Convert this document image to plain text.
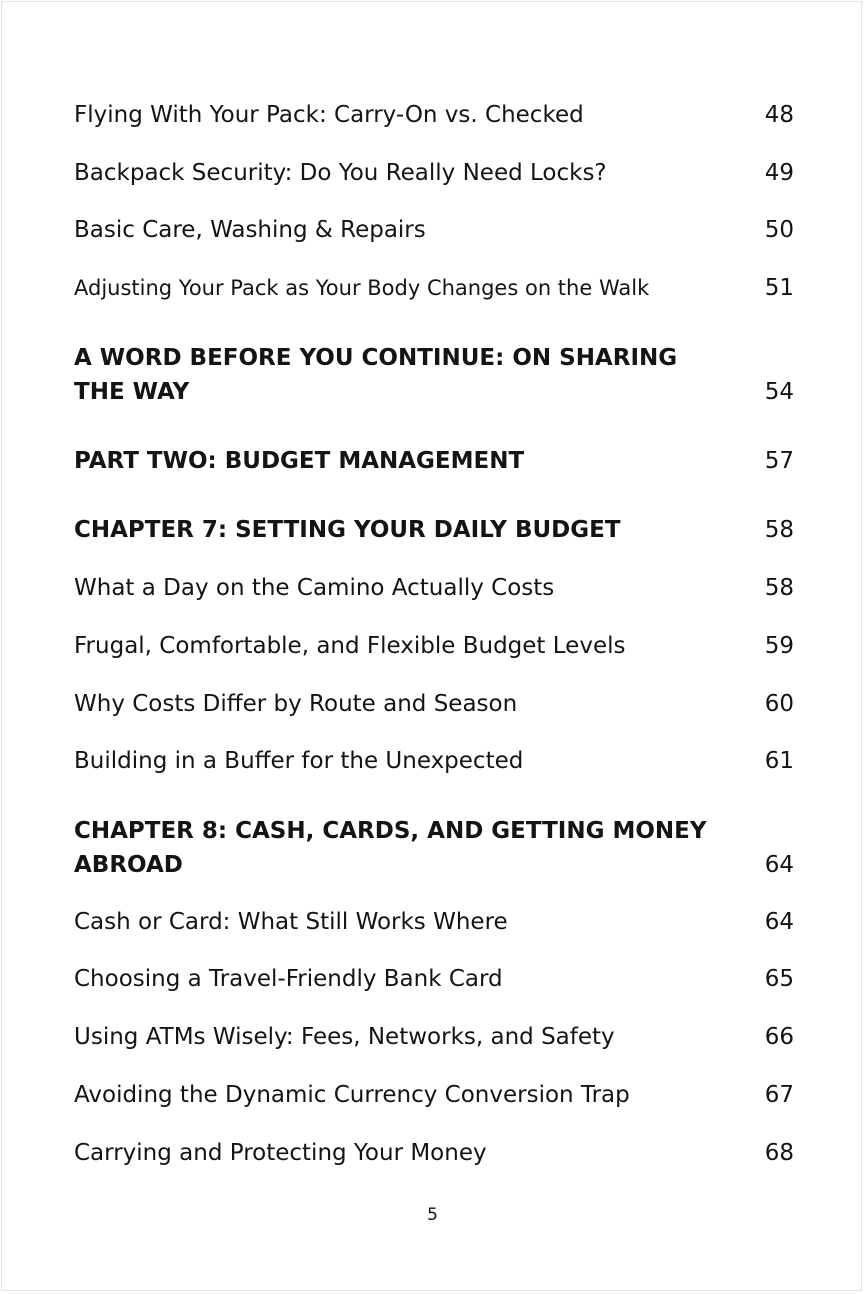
Flying With Your Pack: Carry-On vs. Checked	48
Backpack Security: Do You Really Need Locks?	49
Basic Care, Washing & Repairs	50
Adjusting Your Pack as Your Body Changes on the Walk	51
A WORD BEFORE YOU CONTINUE: ON SHARING THE WAY	54
PART TWO: BUDGET MANAGEMENT	57
CHAPTER 7: SETTING YOUR DAILY BUDGET	58
What a Day on the Camino Actually Costs	58
Frugal, Comfortable, and Flexible Budget Levels	59
Why Costs Differ by Route and Season	60
Building in a Buffer for the Unexpected	61
CHAPTER 8: CASH, CARDS, AND GETTING MONEY ABROAD	64
Cash or Card: What Still Works Where	64
Choosing a Travel-Friendly Bank Card	65
Using ATMs Wisely: Fees, Networks, and Safety	66
Avoiding the Dynamic Currency Conversion Trap	67
Carrying and Protecting Your Money	68
5
